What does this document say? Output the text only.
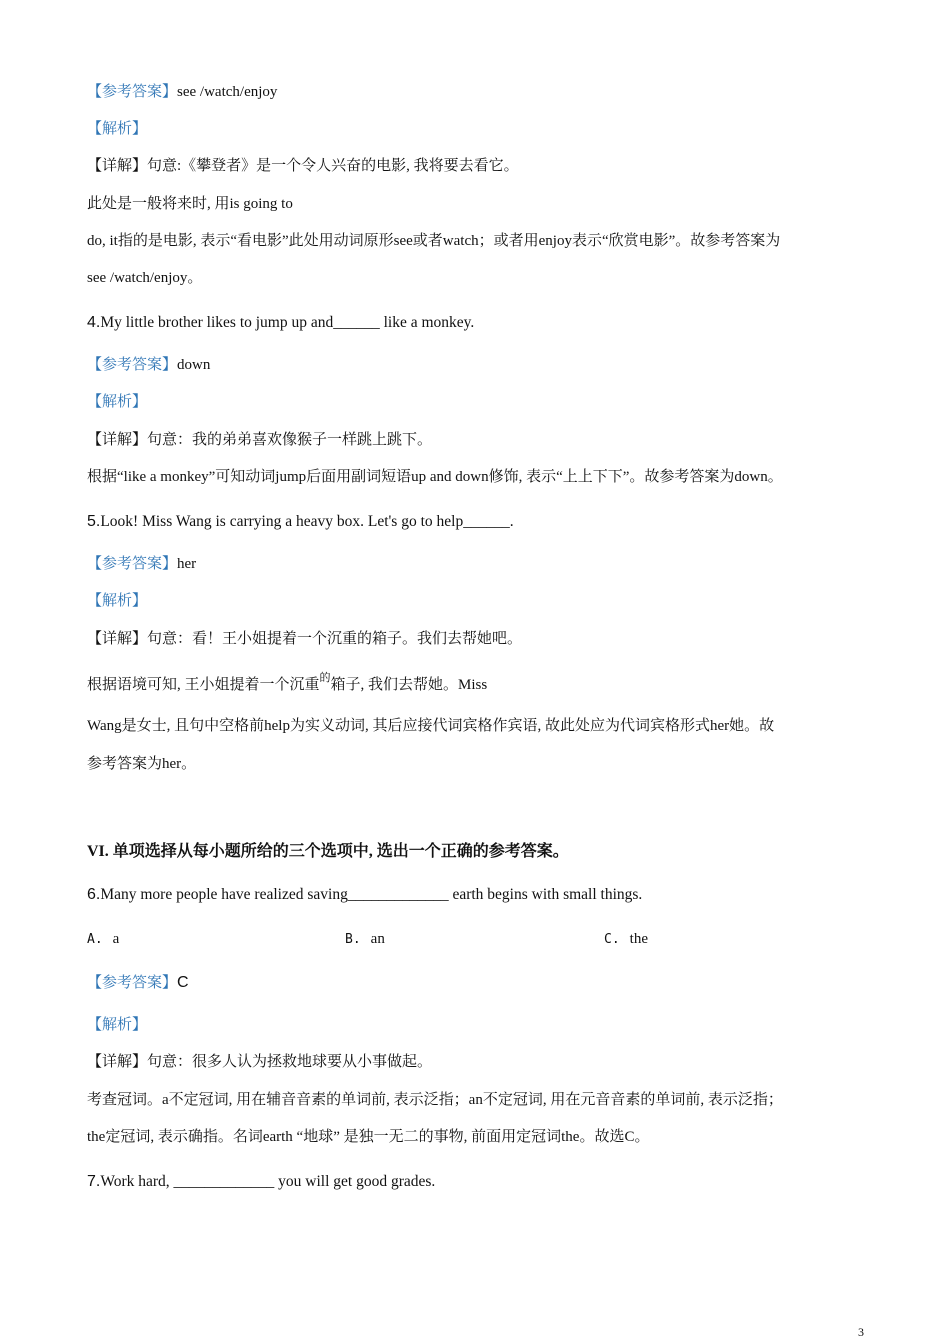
【参考答案】see /watch/enjoy
【解析】
【详解】句意:《攀登者》是一个令人兴奋的电影, 我将要去看它。
此处是一般将来时, 用is going to
do, it指的是电影, 表示“看电影”此处用动词原形see或者watch；或者用enjoy表示“欣赏电影”。故参考答案为
see /watch/enjoy。
4.My little brother likes to jump up and______ like a monkey.
【参考答案】down
【解析】
【详解】句意：我的弟弟喜欢像猴子一样跳上跳下。
根据“like a monkey”可知动词jump后面用副词短语up and down修饰, 表示“上上下下”。故参考答案为down。
5.Look! Miss Wang is carrying a heavy box. Let's go to help______.
【参考答案】her
【解析】
【详解】句意：看！王小姐提着一个沉重的箱子。我们去帮她吧。
根据语境可知, 王小姐提着一个沉重$^的$箱子, 我们去帮她。Miss
Wang是女士, 且句中空格前help为实义动词, 其后应接代词宾格作宾语, 故此处应为代词宾格形式her她。故
参考答案为her。
VI. 单项选择从每小题所给的三个选项中, 选出一个正确的参考答案。
6.Many more people have realized saving_____________ earth begins with small things.
A. a	B. an	C. the
【参考答案】C
【解析】
【详解】句意：很多人认为拯救地球要从小事做起。
考查冠词。a不定冠词, 用在辅音音素的单词前, 表示泛指；an不定冠词, 用在元音音素的单词前, 表示泛指；
the定冠词, 表示确指。名词earth “地球” 是独一无二的事物, 前面用定冠词the。故选C。
7.Work hard, _____________ you will get good grades.
3
